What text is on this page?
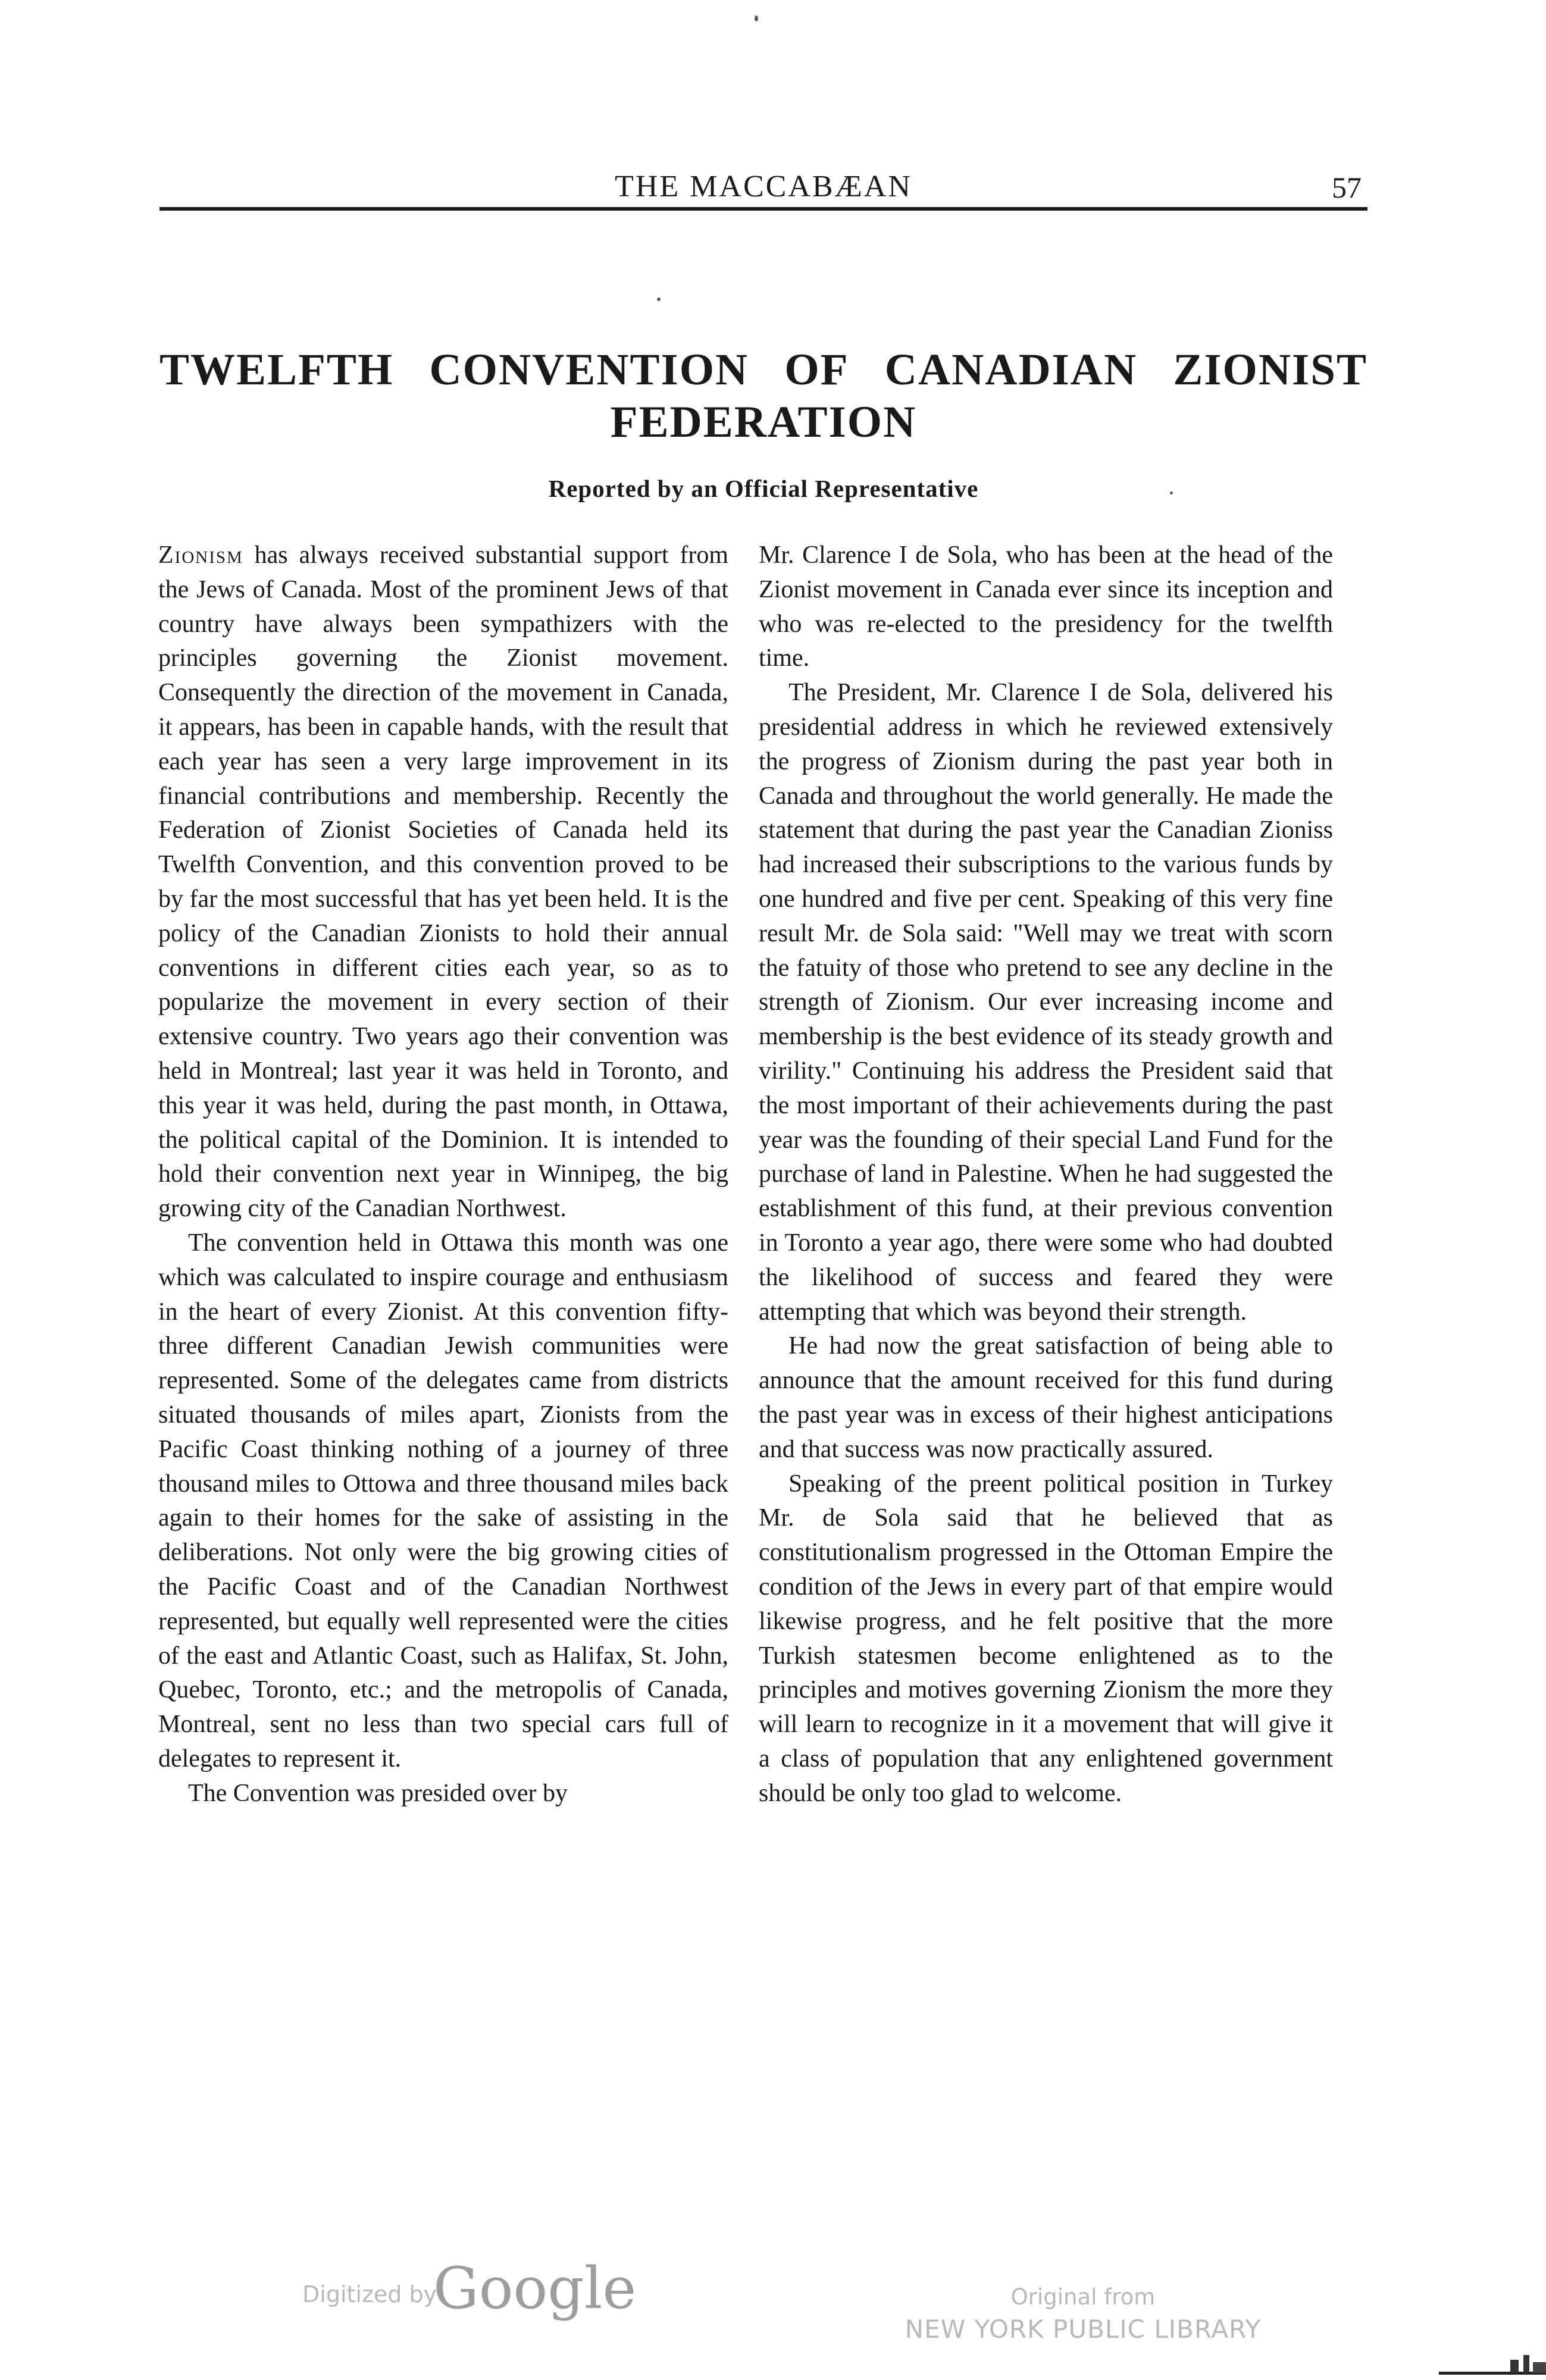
THE MACCABÆAN	57
TWELFTH CONVENTION OF CANADIAN ZIONIST
FEDERATION
Reported by an Official Representative

Zionism has always received substantial support from the Jews of Canada. Most of the prominent Jews of that country have always been sympathizers with the principles governing the Zionist movement. Consequently the direction of the movement in Canada, it appears, has been in capable hands, with the result that each year has seen a very large improvement in its financial contributions and membership. Recently the Federation of Zionist Societies of Canada held its Twelfth Convention, and this convention proved to be by far the most successful that has yet been held. It is the policy of the Canadian Zionists to hold their annual conventions in different cities each year, so as to popularize the movement in every section of their extensive country. Two years ago their convention was held in Montreal; last year it was held in Toronto, and this year it was held, during the past month, in Ottawa, the political capital of the Dominion. It is intended to hold their convention next year in Winnipeg, the big growing city of the Canadian Northwest.

The convention held in Ottawa this month was one which was calculated to inspire courage and enthusiasm in the heart of every Zionist. At this convention fifty-three different Canadian Jewish communities were represented. Some of the delegates came from districts situated thousands of miles apart, Zionists from the Pacific Coast thinking nothing of a journey of three thousand miles to Ottowa and three thousand miles back again to their homes for the sake of assisting in the deliberations. Not only were the big growing cities of the Pacific Coast and of the Canadian Northwest represented, but equally well represented were the cities of the east and Atlantic Coast, such as Halifax, St. John, Quebec, Toronto, etc.; and the metropolis of Canada, Montreal, sent no less than two special cars full of delegates to represent it.

The Convention was presided over by

Mr. Clarence I de Sola, who has been at the head of the Zionist movement in Canada ever since its inception and who was re-elected to the presidency for the twelfth time.

The President, Mr. Clarence I de Sola, delivered his presidential address in which he reviewed extensively the progress of Zionism during the past year both in Canada and throughout the world generally. He made the statement that during the past year the Canadian Zioniss had increased their subscriptions to the various funds by one hundred and five per cent. Speaking of this very fine result Mr. de Sola said: "Well may we treat with scorn the fatuity of those who pretend to see any decline in the strength of Zionism. Our ever increasing income and membership is the best evidence of its steady growth and virility." Continuing his address the President said that the most important of their achievements during the past year was the founding of their special Land Fund for the purchase of land in Palestine. When he had suggested the establishment of this fund, at their previous convention in Toronto a year ago, there were some who had doubted the likelihood of success and feared they were attempting that which was beyond their strength.

He had now the great satisfaction of being able to announce that the amount received for this fund during the past year was in excess of their highest anticipations and that success was now practically assured.

Speaking of the preent political position in Turkey Mr. de Sola said that he believed that as constitutionalism progressed in the Ottoman Empire the condition of the Jews in every part of that empire would likewise progress, and he felt positive that the more Turkish statesmen become enlightened as to the principles and motives governing Zionism the more they will learn to recognize in it a movement that will give it a class of population that any enlightened government should be only too glad to welcome.

Digitized by
Google	Original from
NEW YORK PUBLIC LIBRARY
